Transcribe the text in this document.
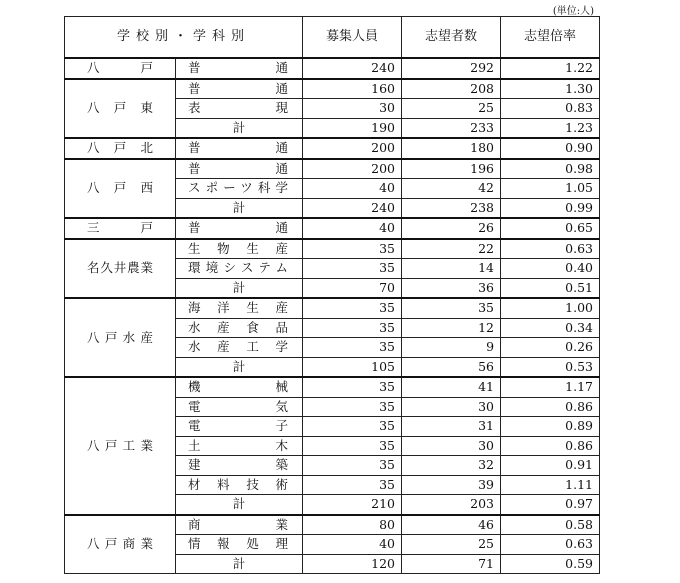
(単位:人)
学校別・学科別		募集人員	志望者数	志望倍率
八戸	普通	240	292	1.22
八戸東	普通	160	208	1.30
	表現	30	25	0.83
	計	190	233	1.23
八戸北	普通	200	180	0.90
八戸西	普通	200	196	0.98
	スポーツ科学	40	42	1.05
	計	240	238	0.99
三戸	普通	40	26	0.65
名久井農業	生物生産	35	22	0.63
	環境システム	35	14	0.40
	計	70	36	0.51
八戸水産	海洋生産	35	35	1.00
	水産食品	35	12	0.34
	水産工学	35	9	0.26
	計	105	56	0.53
八戸工業	機械	35	41	1.17
	電気	35	30	0.86
	電子	35	31	0.89
	土木	35	30	0.86
	建築	35	32	0.91
	材料技術	35	39	1.11
	計	210	203	0.97
八戸商業	商業	80	46	0.58
	情報処理	40	25	0.63
	計	120	71	0.59
